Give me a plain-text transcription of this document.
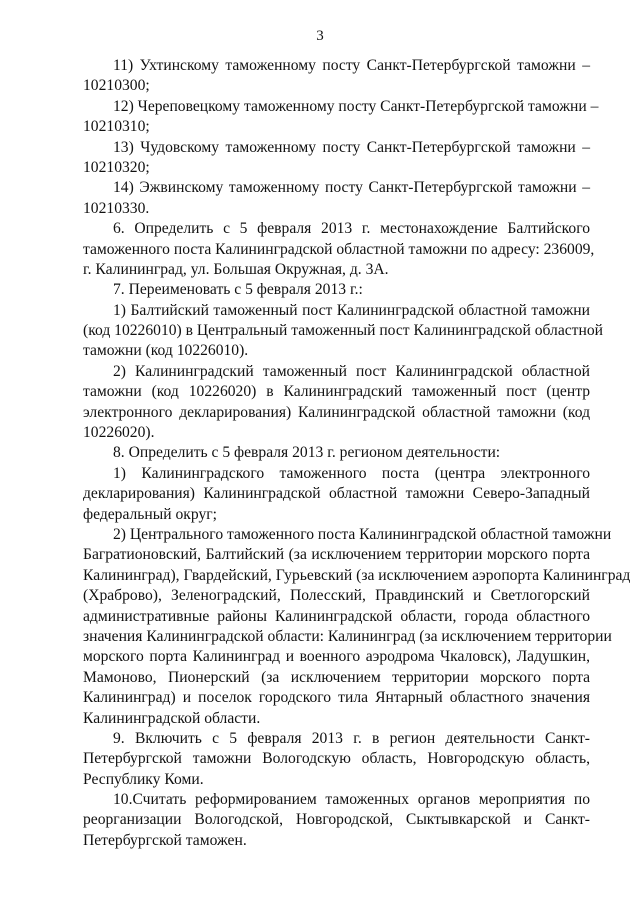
3
11) Ухтинскому таможенному посту Санкт-Петербургской таможни –
10210300;
12) Череповецкому таможенному посту Санкт-Петербургской таможни –
10210310;
13) Чудовскому таможенному посту Санкт-Петербургской таможни –
10210320;
14) Эжвинскому таможенному посту Санкт-Петербургской таможни –
10210330.
6. Определить с 5 февраля 2013 г. местонахождение Балтийского
таможенного поста Калининградской областной таможни по адресу: 236009,
г. Калининград, ул. Большая Окружная, д. 3А.
7. Переименовать с 5 февраля 2013 г.:
1) Балтийский таможенный пост Калининградской областной таможни
(код 10226010) в Центральный таможенный пост Калининградской областной
таможни (код 10226010).
2) Калининградский таможенный пост Калининградской областной
таможни (код 10226020) в Калининградский таможенный пост (центр
электронного декларирования) Калининградской областной таможни (код
10226020).
8. Определить с 5 февраля 2013 г. регионом деятельности:
1) Калининградского таможенного поста (центра электронного
декларирования) Калининградской областной таможни Северо-Западный
федеральный округ;
2) Центрального таможенного поста Калининградской областной таможни
Багратионовский, Балтийский (за исключением территории морского порта
Калининград), Гвардейский, Гурьевский (за исключением аэропорта Калининград
(Храброво), Зеленоградский, Полесский, Правдинский и Светлогорский
административные районы Калининградской области, города областного
значения Калининградской области: Калининград (за исключением территории
морского порта Калининград и военного аэродрома Чкаловск), Ладушкин,
Мамоново, Пионерский (за исключением территории морского порта
Калининград) и поселок городского тила Янтарный областного значения
Калининградской области.
9. Включить с 5 февраля 2013 г. в регион деятельности Санкт-
Петербургской таможни Вологодскую область, Новгородскую область,
Республику Коми.
10.Считать реформированием таможенных органов мероприятия по
реорганизации Вологодской, Новгородской, Сыктывкарской и Санкт-
Петербургской таможен.
